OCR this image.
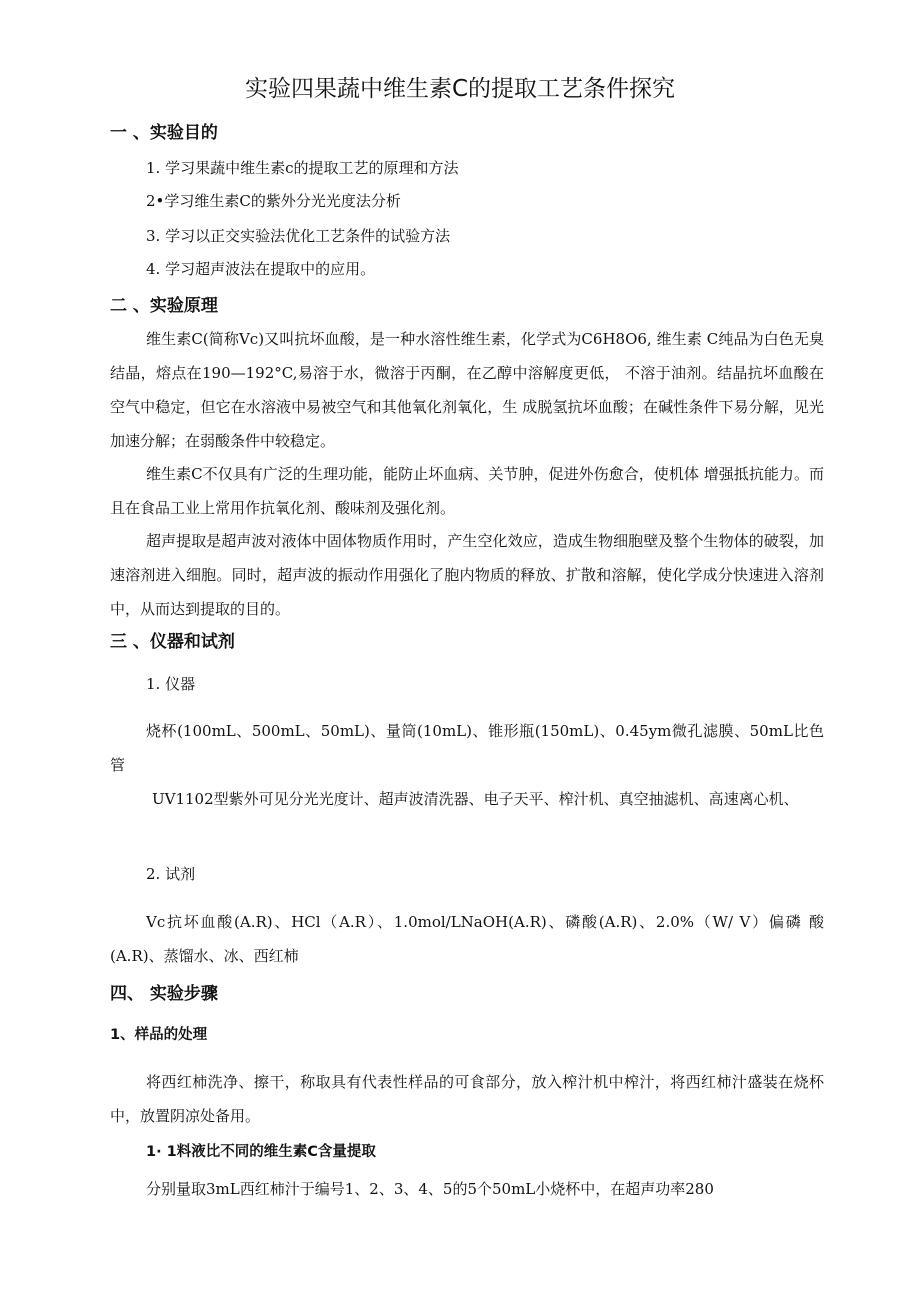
实验四果蔬中维生素C的提取工艺条件探究
一 、实验目的
1. 学习果蔬中维生素c的提取工艺的原理和方法
2•学习维生素C的紫外分光光度法分析
3. 学习以正交实验法优化工艺条件的试验方法
4. 学习超声波法在提取中的应用。
二 、实验原理
维生素C(简称Vc)又叫抗坏血酸，是一种水溶性维生素，化学式为C6H8O6, 维生素 C纯品为白色无臭结晶，熔点在190—192°C,易溶于水，微溶于丙酮，在乙醇中溶解度更低， 不溶于油剂。结晶抗坏血酸在空气中稳定，但它在水溶液中易被空气和其他氧化剂氧化，生 成脱氢抗坏血酸；在碱性条件下易分解，见光加速分解；在弱酸条件中较稳定。
维生素C不仅具有广泛的生理功能，能防止坏血病、关节肿，促进外伤愈合，使机体 增强抵抗能力。而且在食品工业上常用作抗氧化剂、酸味剂及强化剂。
超声提取是超声波对液体中固体物质作用时，产生空化效应，造成生物细胞壁及整个生物体的破裂，加速溶剂进入细胞。同时，超声波的振动作用强化了胞内物质的释放、扩散和溶解，使化学成分快速进入溶剂中，从而达到提取的目的。
三 、仪器和试剂
1. 仪器
烧杯(100mL、500mL、50mL)、量筒(10mL)、锥形瓶(150mL)、0.45ym微孔滤膜、50mL比色管
UV1102型紫外可见分光光度计、超声波清洗器、电子天平、榨汁机、真空抽滤机、高速离心机、
2. 试剂
Vc抗坏血酸(A.R)、HCl（A.R）、1.0mol/LNaOH(A.R)、磷酸(A.R)、2.0%（W/ V）偏磷 酸(A.R)、蒸馏水、冰、西红柿
四、 实验步骤
1、样品的处理
将西红柿洗净、擦干，称取具有代表性样品的可食部分，放入榨汁机中榨汁，将西红柿汁盛装在烧杯中，放置阴凉处备用。
1· 1料液比不同的维生素C含量提取
分别量取3mL西红柿汁于编号1、2、3、4、5的5个50mL小烧杯中，在超声功率280
